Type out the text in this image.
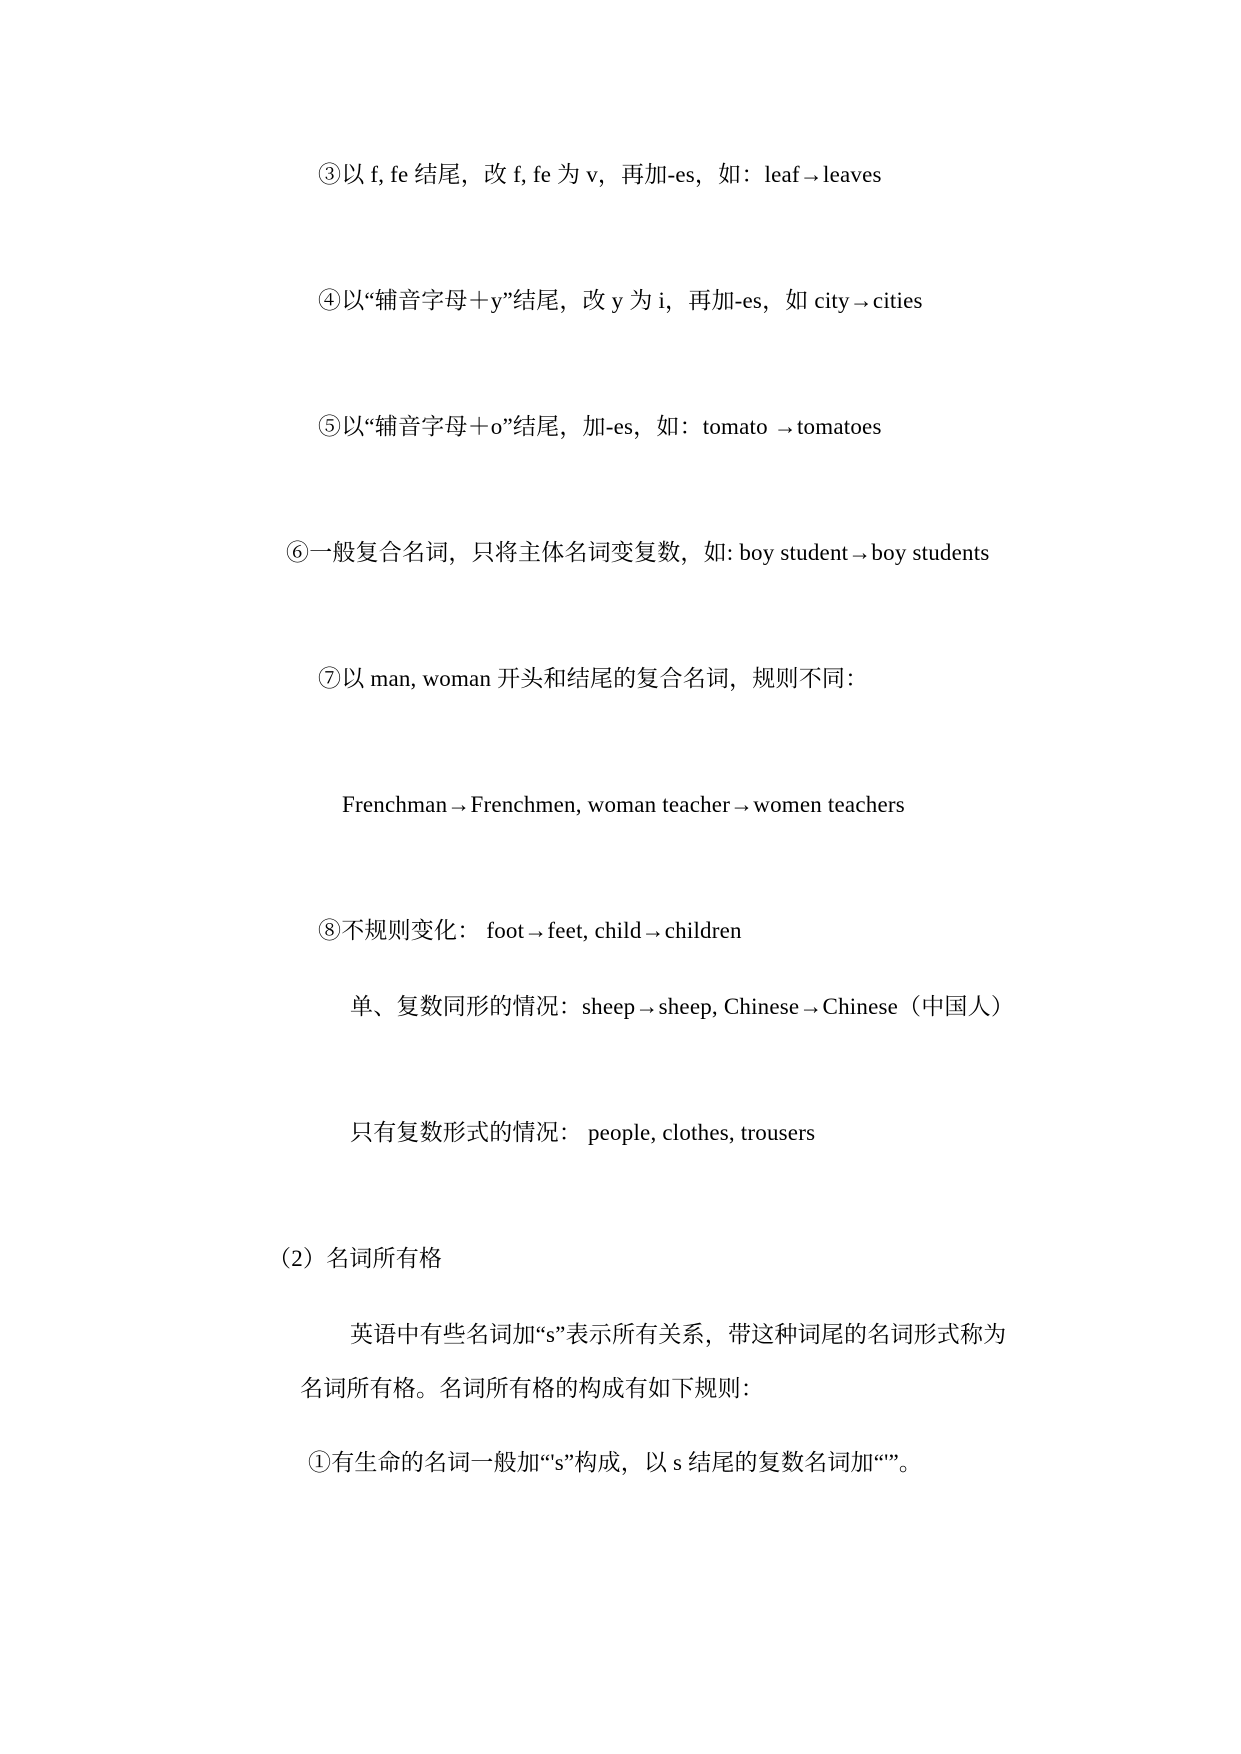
③以 f, fe 结尾，改 f, fe 为 v，再加-es，如：leaf→leaves
④以“辅音字母＋y”结尾，改 y 为 i，再加-es，如 city→cities
⑤以“辅音字母＋o”结尾，加-es，如：tomato →tomatoes
⑥一般复合名词，只将主体名词变复数，如: boy student→boy students
⑦以 man, woman 开头和结尾的复合名词，规则不同：
Frenchman→Frenchmen, woman teacher→women teachers
⑧不规则变化： foot→feet, child→children
单、复数同形的情况：sheep→sheep, Chinese→Chinese（中国人）
只有复数形式的情况： people, clothes, trousers
（2）名词所有格
英语中有些名词加“s”表示所有关系，带这种词尾的名词形式称为
名词所有格。名词所有格的构成有如下规则：
①有生命的名词一般加“'s”构成，以 s 结尾的复数名词加“'”。
